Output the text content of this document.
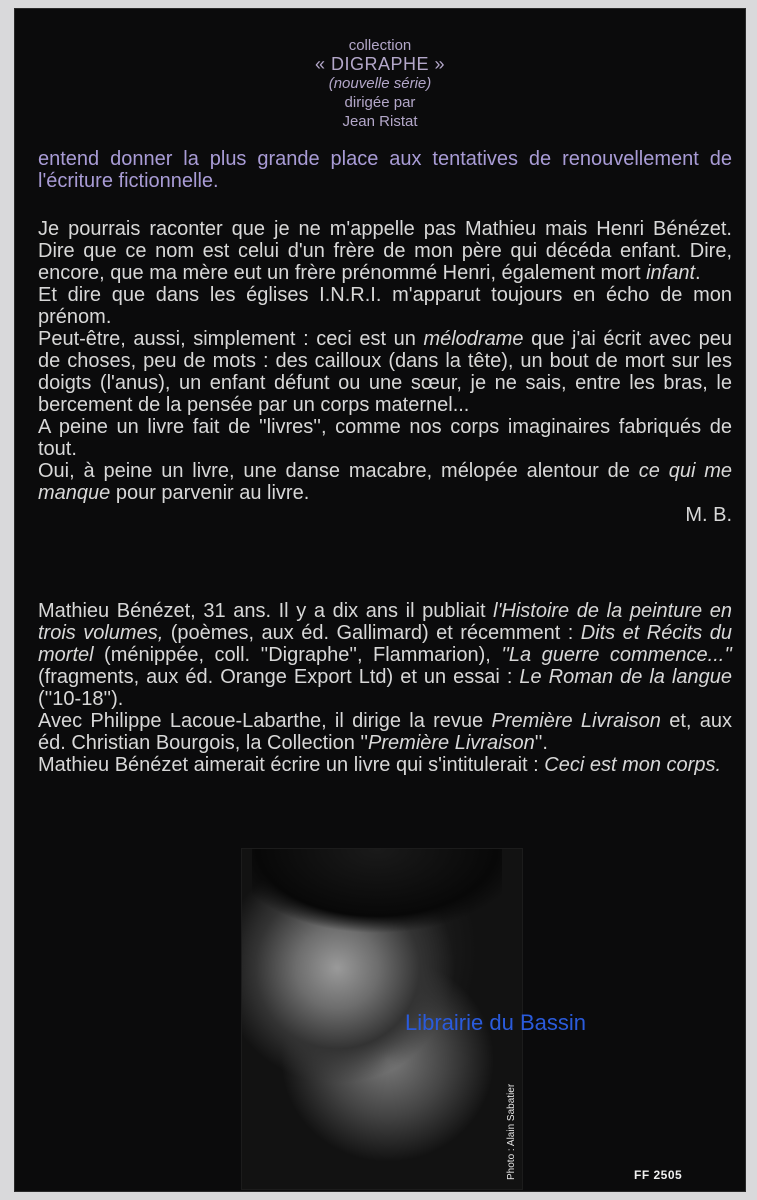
collection
« DIGRAPHE »
(nouvelle série)
dirigée par
Jean Ristat
entend donner la plus grande place aux tentatives de renouvellement de l'écriture fictionnelle.

Je pourrais raconter que je ne m'appelle pas Mathieu mais Henri Bénézet. Dire que ce nom est celui d'un frère de mon père qui décéda enfant. Dire, encore, que ma mère eut un frère prénommé Henri, également mort infant.

Et dire que dans les églises I.N.R.I. m'apparut toujours en écho de mon prénom.

Peut-être, aussi, simplement : ceci est un mélodrame que j'ai écrit avec peu de choses, peu de mots : des cailloux (dans la tête), un bout de mort sur les doigts (l'anus), un enfant défunt ou une sœur, je ne sais, entre les bras, le bercement de la pensée par un corps maternel...

A peine un livre fait de ''livres'', comme nos corps imaginaires fabriqués de tout.

Oui, à peine un livre, une danse macabre, mélopée alentour de ce qui me manque pour parvenir au livre.

M. B.

Mathieu Bénézet, 31 ans. Il y a dix ans il publiait l'Histoire de la peinture en trois volumes, (poèmes, aux éd. Gallimard) et récemment : Dits et Récits du mortel (ménippée, coll. ''Digraphe'', Flammarion), ''La guerre commence...'' (fragments, aux éd. Orange Export Ltd) et un essai : Le Roman de la langue (''10-18'').

Avec Philippe Lacoue-Labarthe, il dirige la revue Première Livraison et, aux éd. Christian Bourgois, la Collection ''Première Livraison''.

Mathieu Bénézet aimerait écrire un livre qui s'intitulerait : Ceci est mon corps.

Photo : Alain Sabatier	FF 2505
Librairie du Bassin
